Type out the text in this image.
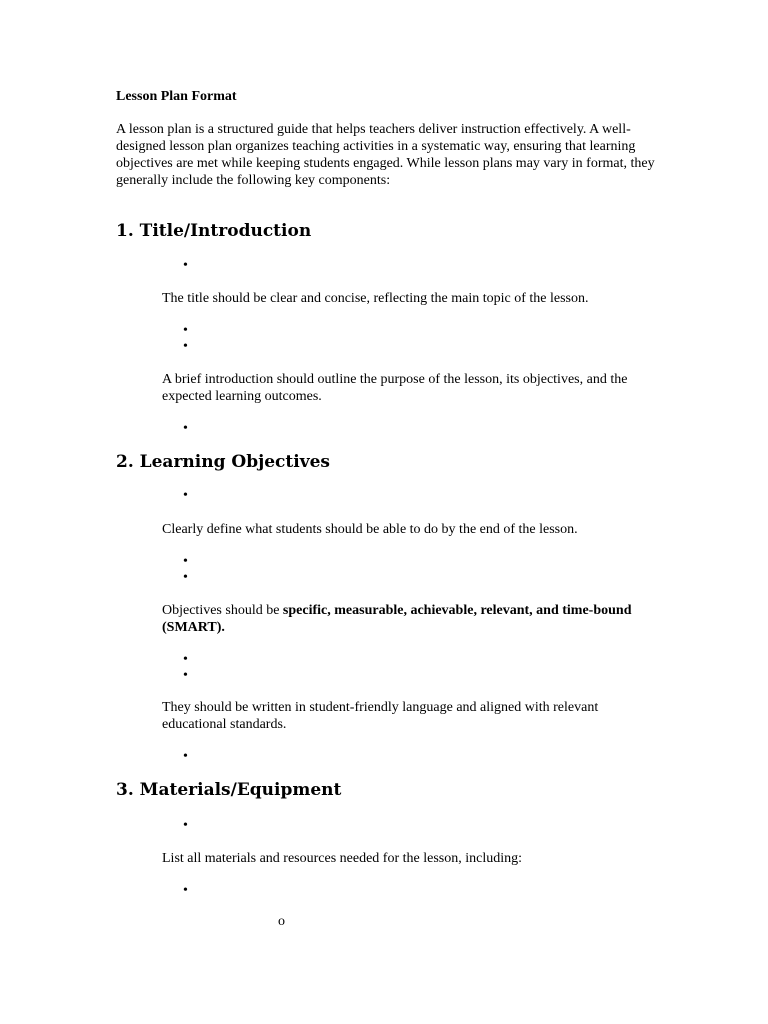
Lesson Plan Format

A lesson plan is a structured guide that helps teachers deliver instruction effectively. A well-designed lesson plan organizes teaching activities in a systematic way, ensuring that learning objectives are met while keeping students engaged. While lesson plans may vary in format, they generally include the following key components:

1. Title/Introduction
•

The title should be clear and concise, reflecting the main topic of the lesson.

•
•

A brief introduction should outline the purpose of the lesson, its objectives, and the expected learning outcomes.

•
2. Learning Objectives
•

Clearly define what students should be able to do by the end of the lesson.

•
•

Objectives should be specific, measurable, achievable, relevant, and time-bound (SMART).

•
•

They should be written in student-friendly language and aligned with relevant educational standards.

•
3. Materials/Equipment
•

List all materials and resources needed for the lesson, including:

•
o
